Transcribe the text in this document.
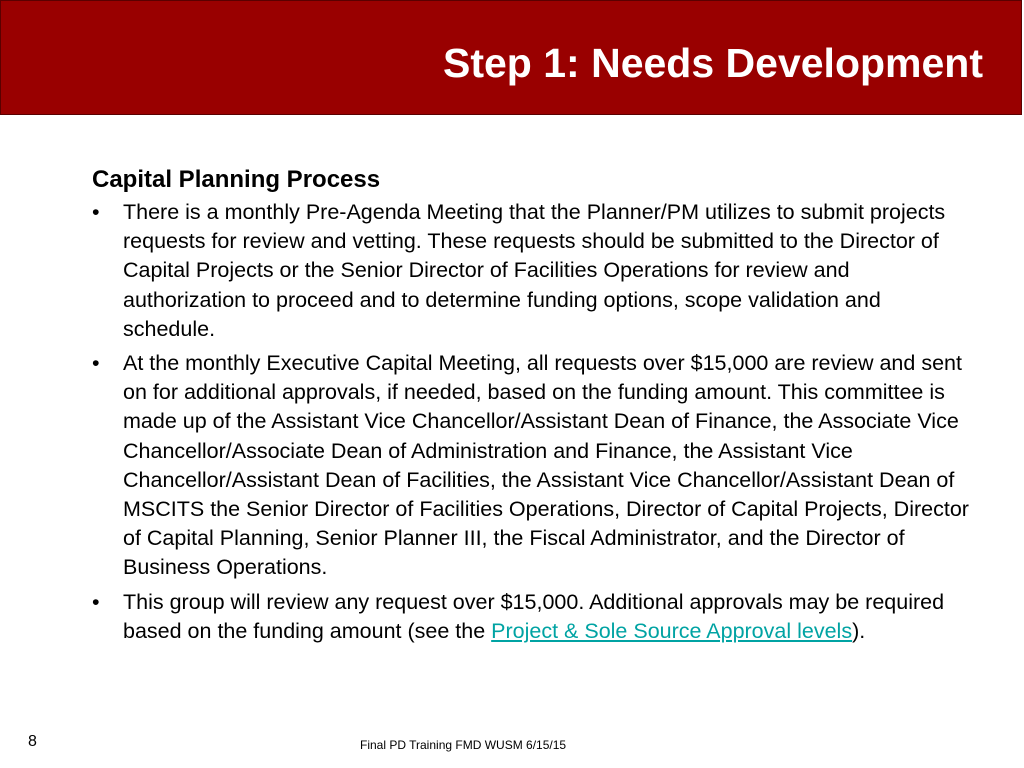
Step 1: Needs Development
Capital Planning Process
•	There is a monthly Pre-Agenda Meeting that the Planner/PM utilizes to submit projects requests for review and vetting. These requests should be submitted to the Director of Capital Projects or the Senior Director of Facilities Operations for review and authorization to proceed and to determine funding options, scope validation and schedule.
•	At the monthly Executive Capital Meeting, all requests over $15,000 are review and sent on for additional approvals, if needed, based on the funding amount. This committee is made up of the Assistant Vice Chancellor/Assistant Dean of Finance, the Associate Vice Chancellor/Associate Dean of Administration and Finance, the Assistant Vice Chancellor/Assistant Dean of Facilities, the Assistant Vice Chancellor/Assistant Dean of MSCITS the Senior Director of Facilities Operations, Director of Capital Projects, Director of Capital Planning, Senior Planner III, the Fiscal Administrator, and the Director of Business Operations.
•	This group will review any request over $15,000. Additional approvals may be required based on the funding amount (see the Project & Sole Source Approval levels).
8	Final PD Training FMD WUSM 6/15/15
